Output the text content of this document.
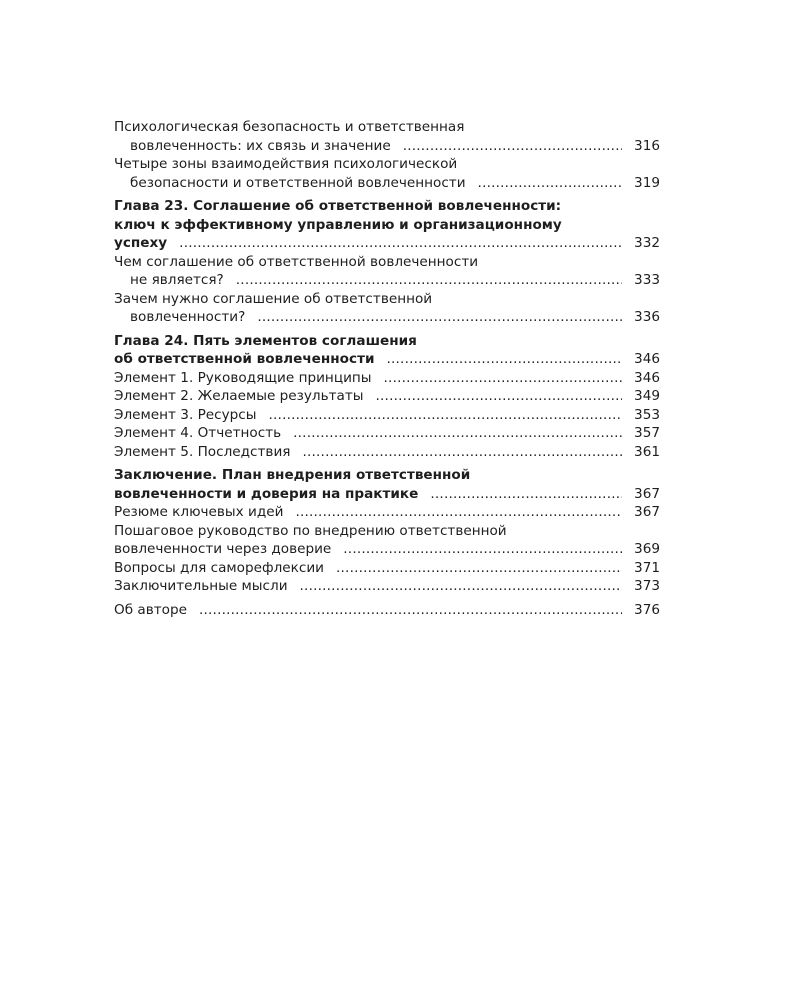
Психологическая безопасность и ответственная
вовлеченность: их связь и значение .....	316
Четыре зоны взаимодействия психологической
безопасности и ответственной вовлеченности .....	319
Глава 23. Соглашение об ответственной вовлеченности:
ключ к эффективному управлению и организационному
успеху .....	332
Чем соглашение об ответственной вовлеченности
не является? .....	333
Зачем нужно соглашение об ответственной
вовлеченности? .....	336
Глава 24. Пять элементов соглашения
об ответственной вовлеченности .....	346
Элемент 1. Руководящие принципы .....	346
Элемент 2. Желаемые результаты .....	349
Элемент 3. Ресурсы .....	353
Элемент 4. Отчетность .....	357
Элемент 5. Последствия .....	361
Заключение. План внедрения ответственной
вовлеченности и доверия на практике .....	367
Резюме ключевых идей .....	367
Пошаговое руководство по внедрению ответственной
вовлеченности через доверие .....	369
Вопросы для саморефлексии .....	371
Заключительные мысли .....	373
Об авторе .....	376
